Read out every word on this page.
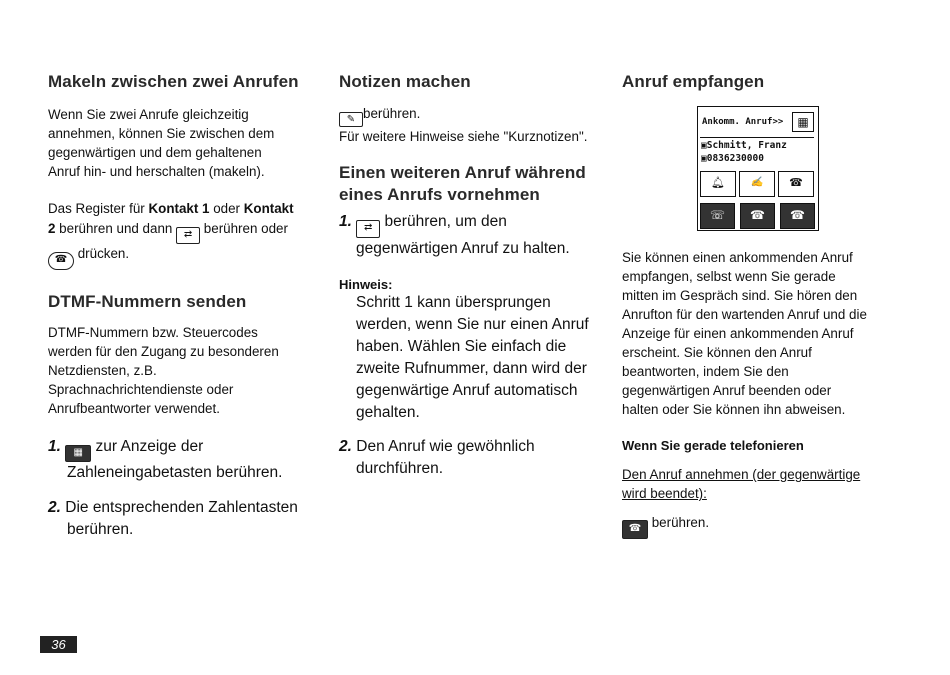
Makeln zwischen zwei Anrufen
Wenn Sie zwei Anrufe gleichzeitig
annehmen, können Sie zwischen dem
gegenwärtigen und dem gehaltenen
Anruf hin- und herschalten (makeln).
Das Register für Kontakt 1 oder Kontakt
2 berühren und dann ⇄ berühren oder
☎ drücken.
DTMF-Nummern senden
DTMF-Nummern bzw. Steuercodes
werden für den Zugang zu besonderen
Netzdiensten, z.B.
Sprachnachrichtendienste oder
Anrufbeantworter verwendet.
1. ▦ zur Anzeige der
Zahleneingabetasten berühren.
2. Die entsprechenden Zahlentasten
berühren.
Notizen machen
✎ berühren.
Für weitere Hinweise siehe "Kurznotizen".
Einen weiteren Anruf während
eines Anrufs vornehmen
1. ⇄ berühren, um den
gegenwärtigen Anruf zu halten.
Hinweis:
Schritt 1 kann übersprungen
werden, wenn Sie nur einen Anruf
haben. Wählen Sie einfach die
zweite Rufnummer, dann wird der
gegenwärtige Anruf automatisch
gehalten.
2. Den Anruf wie gewöhnlich
durchführen.
Anruf empfangen
Ankomm. Anruf>>	▦
▣Schmitt, Franz
▣0836230000
🔔︎	✍	☎
☏	☎	☎
Sie können einen ankommenden Anruf
empfangen, selbst wenn Sie gerade
mitten im Gespräch sind. Sie hören den
Anrufton für den wartenden Anruf und die
Anzeige für einen ankommenden Anruf
erscheint. Sie können den Anruf
beantworten, indem Sie den
gegenwärtigen Anruf beenden oder
halten oder Sie können ihn abweisen.
Wenn Sie gerade telefonieren
Den Anruf annehmen (der gegenwärtige
wird beendet):
☎ berühren.
36
